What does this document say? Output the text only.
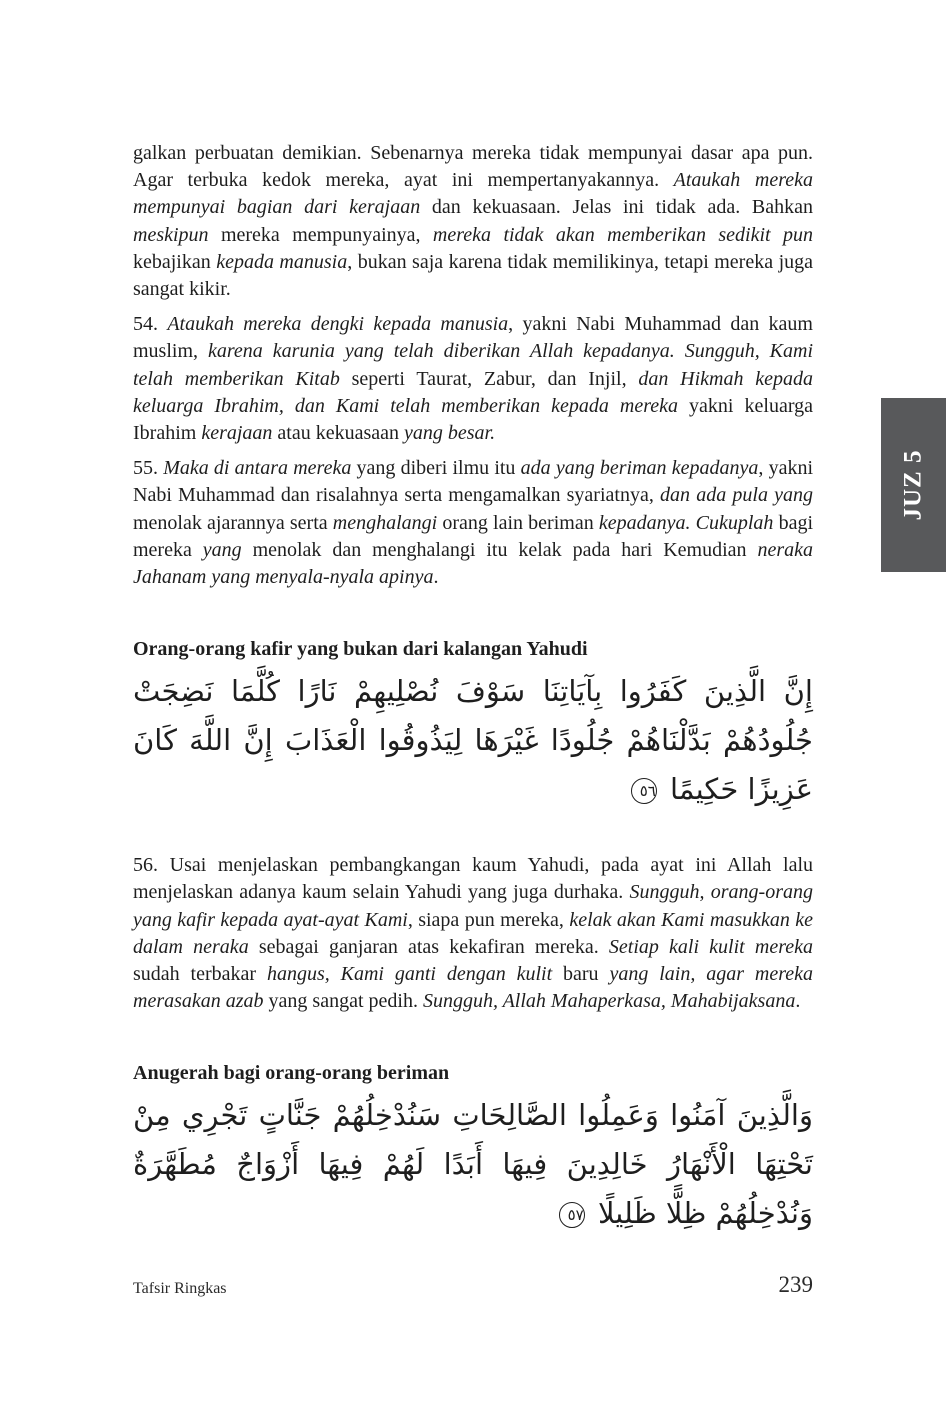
galkan perbuatan demikian. Sebenarnya mereka tidak mempunyai dasar apa pun. Agar terbuka kedok mereka, ayat ini mempertanyakannya. Ataukah mereka mempunyai bagian dari kerajaan dan kekuasaan. Jelas ini tidak ada. Bahkan meskipun mereka mempunyainya, mereka tidak akan memberikan sedikit pun kebajikan kepada manusia, bukan saja karena tidak memilikinya, tetapi mereka juga sangat kikir.

54. Ataukah mereka dengki kepada manusia, yakni Nabi Muhammad dan kaum muslim, karena karunia yang telah diberikan Allah kepadanya. Sungguh, Kami telah memberikan Kitab seperti Taurat, Zabur, dan Injil, dan Hikmah kepada keluarga Ibrahim, dan Kami telah memberikan kepada mereka yakni keluarga Ibrahim kerajaan atau kekuasaan yang besar.

55. Maka di antara mereka yang diberi ilmu itu ada yang beriman kepadanya, yakni Nabi Muhammad dan risalahnya serta mengamalkan syariatnya, dan ada pula yang menolak ajarannya serta menghalangi orang lain beriman kepadanya. Cukuplah bagi mereka yang menolak dan menghalangi itu kelak pada hari Kemudian neraka Jahanam yang menyala-nyala apinya.

Orang-orang kafir yang bukan dari kalangan Yahudi
إِنَّ الَّذِينَ كَفَرُوا بِآيَاتِنَا سَوْفَ نُصْلِيهِمْ نَارًا كُلَّمَا نَضِجَتْ جُلُودُهُمْ بَدَّلْنَاهُمْ جُلُودًا غَيْرَهَا لِيَذُوقُوا الْعَذَابَ إِنَّ اللَّهَ كَانَ عَزِيزًا حَكِيمًا ٥٦

56. Usai menjelaskan pembangkangan kaum Yahudi, pada ayat ini Allah lalu menjelaskan adanya kaum selain Yahudi yang juga durhaka. Sungguh, orang-orang yang kafir kepada ayat-ayat Kami, siapa pun mereka, kelak akan Kami masukkan ke dalam neraka sebagai ganjaran atas kekafiran mereka. Setiap kali kulit mereka sudah terbakar hangus, Kami ganti dengan kulit baru yang lain, agar mereka merasakan azab yang sangat pedih. Sungguh, Allah Mahaperkasa, Mahabijaksana.

Anugerah bagi orang-orang beriman
وَالَّذِينَ آمَنُوا وَعَمِلُوا الصَّالِحَاتِ سَنُدْخِلُهُمْ جَنَّاتٍ تَجْرِي مِنْ تَحْتِهَا الْأَنْهَارُ خَالِدِينَ فِيهَا أَبَدًا لَهُمْ فِيهَا أَزْوَاجٌ مُطَهَّرَةٌ وَنُدْخِلُهُمْ ظِلًّا ظَلِيلًا ٥٧
JUZ 5
Tafsir Ringkas	239
